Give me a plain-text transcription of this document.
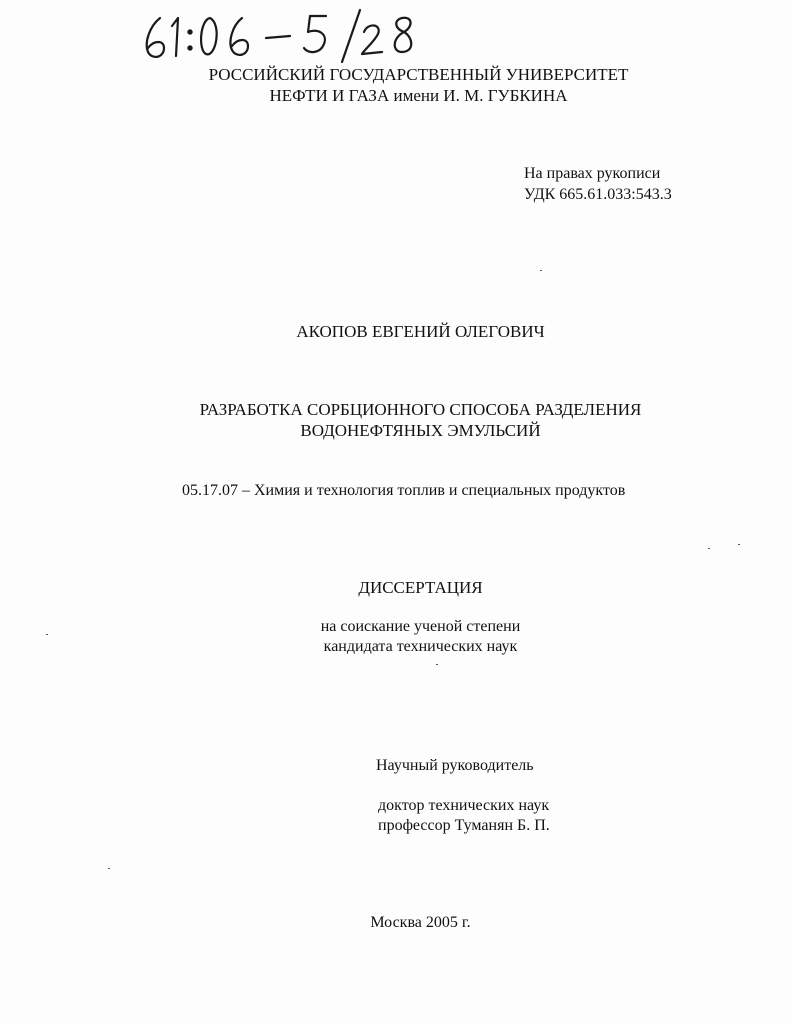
РОССИЙСКИЙ ГОСУДАРСТВЕННЫЙ УНИВЕРСИТЕТ
НЕФТИ И ГАЗА имени И. М. ГУБКИНА
На правах рукописи
УДК 665.61.033:543.3
АКОПОВ ЕВГЕНИЙ ОЛЕГОВИЧ
РАЗРАБОТКА СОРБЦИОННОГО СПОСОБА РАЗДЕЛЕНИЯ
ВОДОНЕФТЯНЫХ ЭМУЛЬСИЙ
05.17.07 – Химия и технология топлив и специальных продуктов
ДИССЕРТАЦИЯ
на соискание ученой степени
кандидата технических наук
Научный руководитель
доктор технических наук
профессор Туманян Б. П.
Москва 2005 г.
